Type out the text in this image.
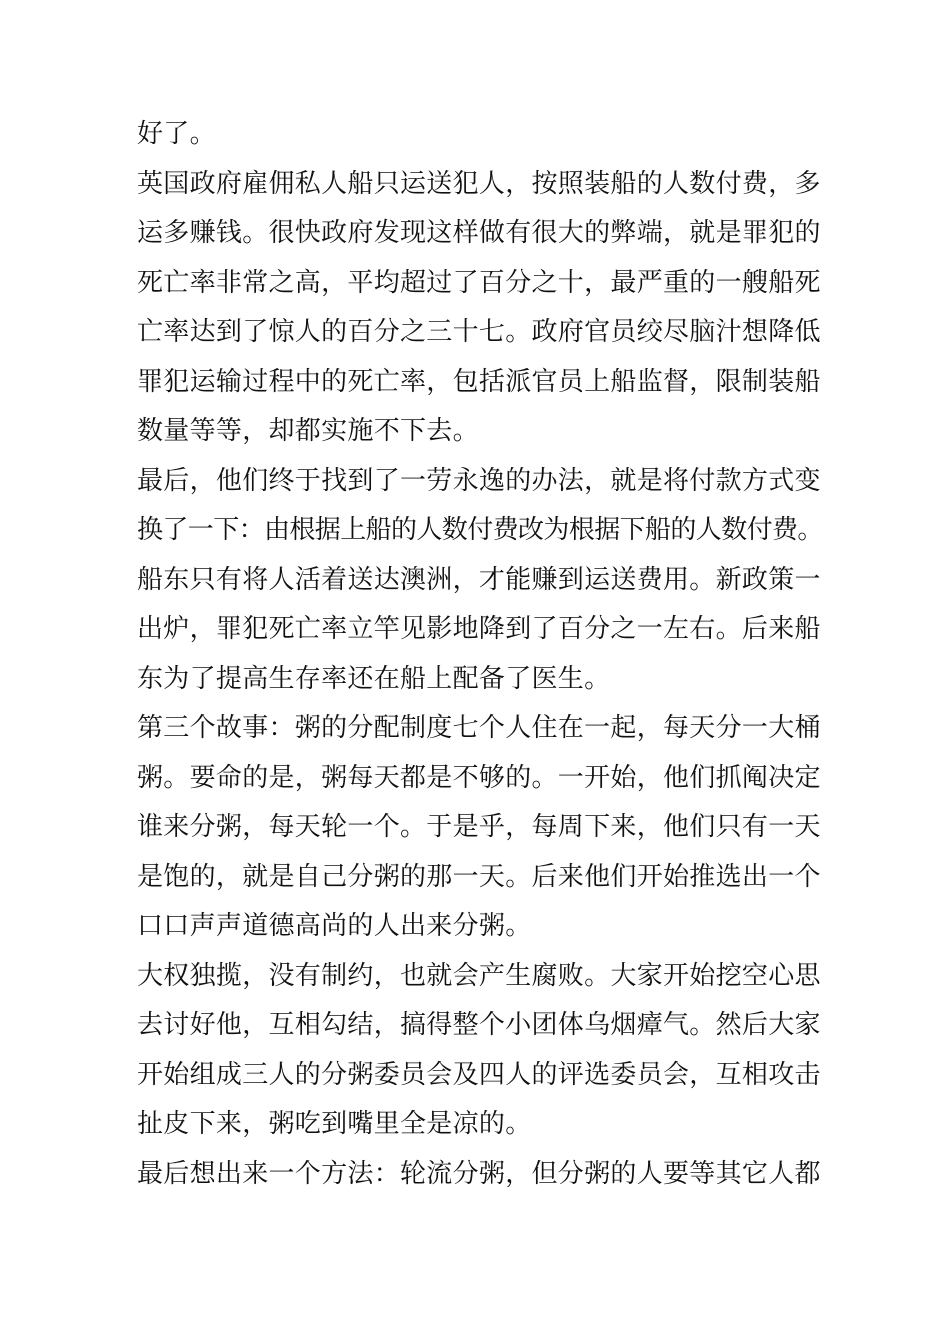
好了。
英国政府雇佣私人船只运送犯人，按照装船的人数付费，多
运多赚钱。很快政府发现这样做有很大的弊端，就是罪犯的
死亡率非常之高，平均超过了百分之十，最严重的一艘船死
亡率达到了惊人的百分之三十七。政府官员绞尽脑汁想降低
罪犯运输过程中的死亡率，包括派官员上船监督，限制装船
数量等等，却都实施不下去。
最后，他们终于找到了一劳永逸的办法，就是将付款方式变
换了一下：由根据上船的人数付费改为根据下船的人数付费。
船东只有将人活着送达澳洲，才能赚到运送费用。新政策一
出炉，罪犯死亡率立竿见影地降到了百分之一左右。后来船
东为了提高生存率还在船上配备了医生。
第三个故事：粥的分配制度七个人住在一起，每天分一大桶
粥。要命的是，粥每天都是不够的。一开始，他们抓阄决定
谁来分粥，每天轮一个。于是乎，每周下来，他们只有一天
是饱的，就是自己分粥的那一天。后来他们开始推选出一个
口口声声道德高尚的人出来分粥。
大权独揽，没有制约，也就会产生腐败。大家开始挖空心思
去讨好他，互相勾结，搞得整个小团体乌烟瘴气。然后大家
开始组成三人的分粥委员会及四人的评选委员会，互相攻击
扯皮下来，粥吃到嘴里全是凉的。
最后想出来一个方法：轮流分粥，但分粥的人要等其它人都
